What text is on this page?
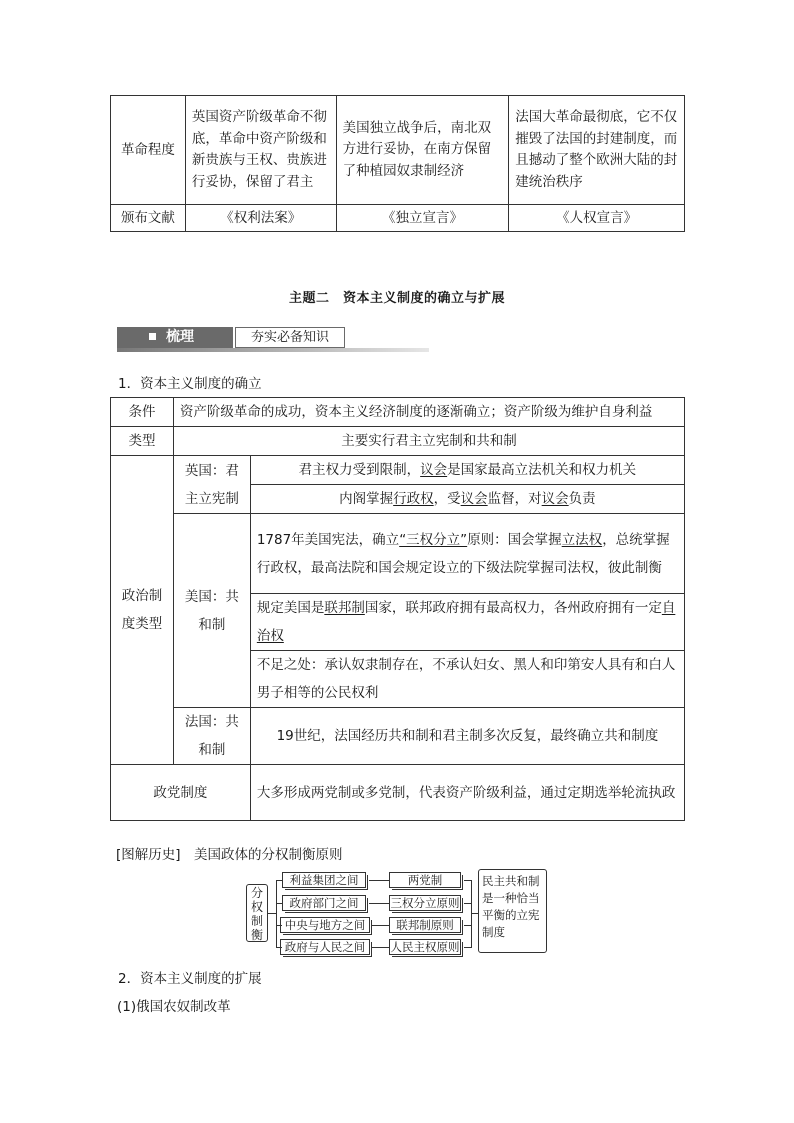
革命程度	英国资产阶级革命不彻底，革命中资产阶级和新贵族与王权、贵族进行妥协，保留了君主	美国独立战争后，南北双方进行妥协，在南方保留了种植园奴隶制经济	法国大革命最彻底，它不仅摧毁了法国的封建制度，而且撼动了整个欧洲大陆的封建统治秩序
颁布文献	《权利法案》	《独立宣言》	《人权宣言》
主题二　资本主义制度的确立与扩展
梳理	夯实必备知识
1．资本主义制度的确立
条件	资产阶级革命的成功，资本主义经济制度的逐渐确立；资产阶级为维护自身利益	
类型	主要实行君主立宪制和共和制	
政治制度类型	英国：君主立宪制	君主权力受到限制，议会是国家最高立法机关和权力机关
		内阁掌握行政权，受议会监督，对议会负责
	美国：共和制	1787年美国宪法，确立“三权分立”原则：国会掌握立法权，总统掌握行政权，最高法院和国会规定设立的下级法院掌握司法权，彼此制衡
		规定美国是联邦制国家，联邦政府拥有最高权力，各州政府拥有一定自治权
		不足之处：承认奴隶制存在，不承认妇女、黑人和印第安人具有和白人男子相等的公民权利
	法国：共和制	19世纪，法国经历共和制和君主制多次反复，最终确立共和制度
政党制度		大多形成两党制或多党制，代表资产阶级利益，通过定期选举轮流执政
[图解历史]　美国政体的分权制衡原则
分权制衡
利益集团之间
政府部门之间
中央与地方之间
政府与人民之间
两党制
三权分立原则
联邦制原则
人民主权原则
民主共和制是一种恰当平衡的立宪制度
2．资本主义制度的扩展
(1)俄国农奴制改革
